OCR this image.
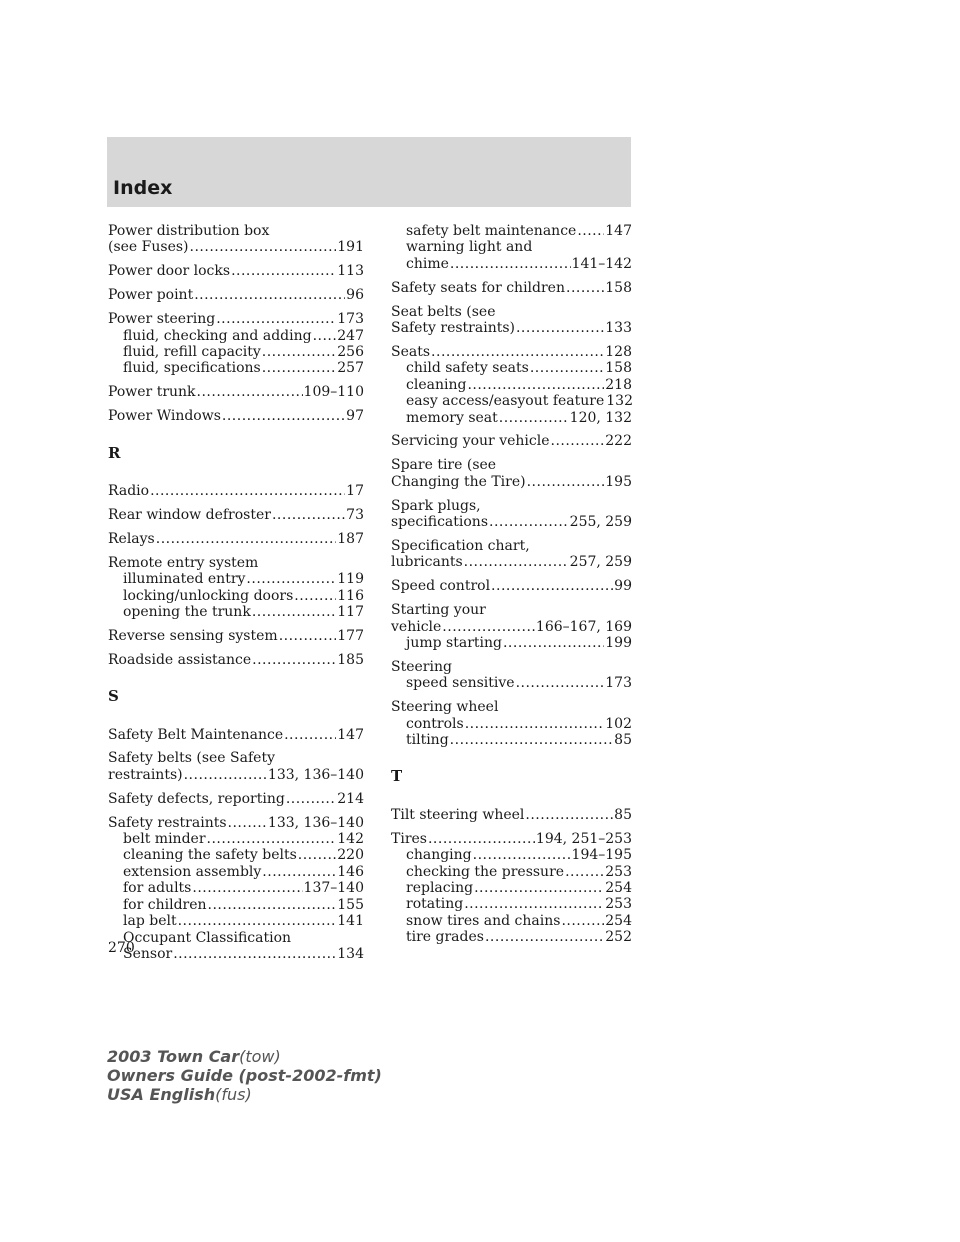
Index
Power distribution box
(see Fuses) .....	191
Power door locks .....	113
Power point .....	96
Power steering .....	173
fluid, checking and adding ..... 247
fluid, refill capacity .....	256
fluid, specifications .....	257
Power trunk .....	109–110
Power Windows .....	97
R
Radio .....	17
Rear window defroster .....	73
Relays .....	187
Remote entry system
illuminated entry .....	119
locking/unlocking doors .....	116
opening the trunk .....	117
Reverse sensing system .....	177
Roadside assistance .....	185
S
Safety Belt Maintenance .....	147
Safety belts (see Safety
restraints) .....	133, 136–140
Safety defects, reporting .....	214
Safety restraints .....	133, 136–140
belt minder .....	142
cleaning the safety belts .....	220
extension assembly .....	146
for adults .....	137–140
for children .....	155
lap belt .....	141
Occupant Classification
Sensor .....	134
safety belt maintenance ..... 147
warning light and
chime .....	141–142
Safety seats for children .....	158
Seat belts (see
Safety restraints) .....	133
Seats .....	128
child safety seats .....	158
cleaning .....	218
easy access/easyout feature 132
memory seat .....	120, 132
Servicing your vehicle .....	222
Spare tire (see
Changing the Tire) .....	195
Spark plugs,
specifications .....	255, 259
Specification chart,
lubricants .....	257, 259
Speed control .....	99
Starting your
vehicle .....	166–167, 169
jump starting .....	199
Steering
speed sensitive .....	173
Steering wheel
controls .....	102
tilting .....	85
T
Tilt steering wheel .....	85
Tires .....	194, 251–253
changing .....	194–195
checking the pressure .....	253
replacing .....	254
rotating .....	253
snow tires and chains .....	254
tire grades .....	252
270
2003 Town Car(tow)
Owners Guide (post-2002-fmt)
USA English(fus)
